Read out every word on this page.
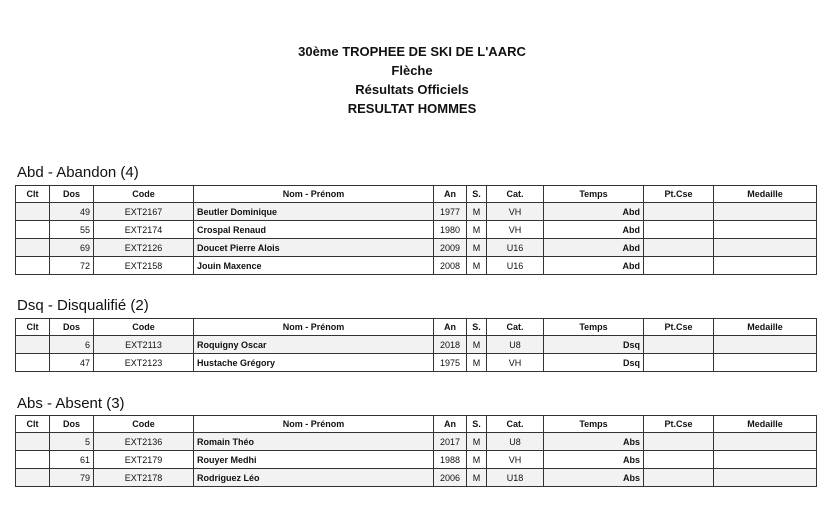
30ème TROPHEE DE SKI DE L'AARC
Flèche
Résultats Officiels
RESULTAT HOMMES
Abd - Abandon (4)
Clt	Dos	Code	Nom - Prénom	An	S.	Cat.	Temps	Pt.Cse	Medaille
	49	EXT2167	Beutler Dominique	1977	M	VH	Abd		
	55	EXT2174	Crospal Renaud	1980	M	VH	Abd		
	69	EXT2126	Doucet Pierre Alois	2009	M	U16	Abd		
	72	EXT2158	Jouin Maxence	2008	M	U16	Abd		
Dsq - Disqualifié (2)
Clt	Dos	Code	Nom - Prénom	An	S.	Cat.	Temps	Pt.Cse	Medaille
	6	EXT2113	Roquigny Oscar	2018	M	U8	Dsq		
	47	EXT2123	Hustache Grégory	1975	M	VH	Dsq		
Abs - Absent (3)
Clt	Dos	Code	Nom - Prénom	An	S.	Cat.	Temps	Pt.Cse	Medaille
	5	EXT2136	Romain Théo	2017	M	U8	Abs		
	61	EXT2179	Rouyer Medhi	1988	M	VH	Abs		
	79	EXT2178	Rodriguez Léo	2006	M	U18	Abs		
